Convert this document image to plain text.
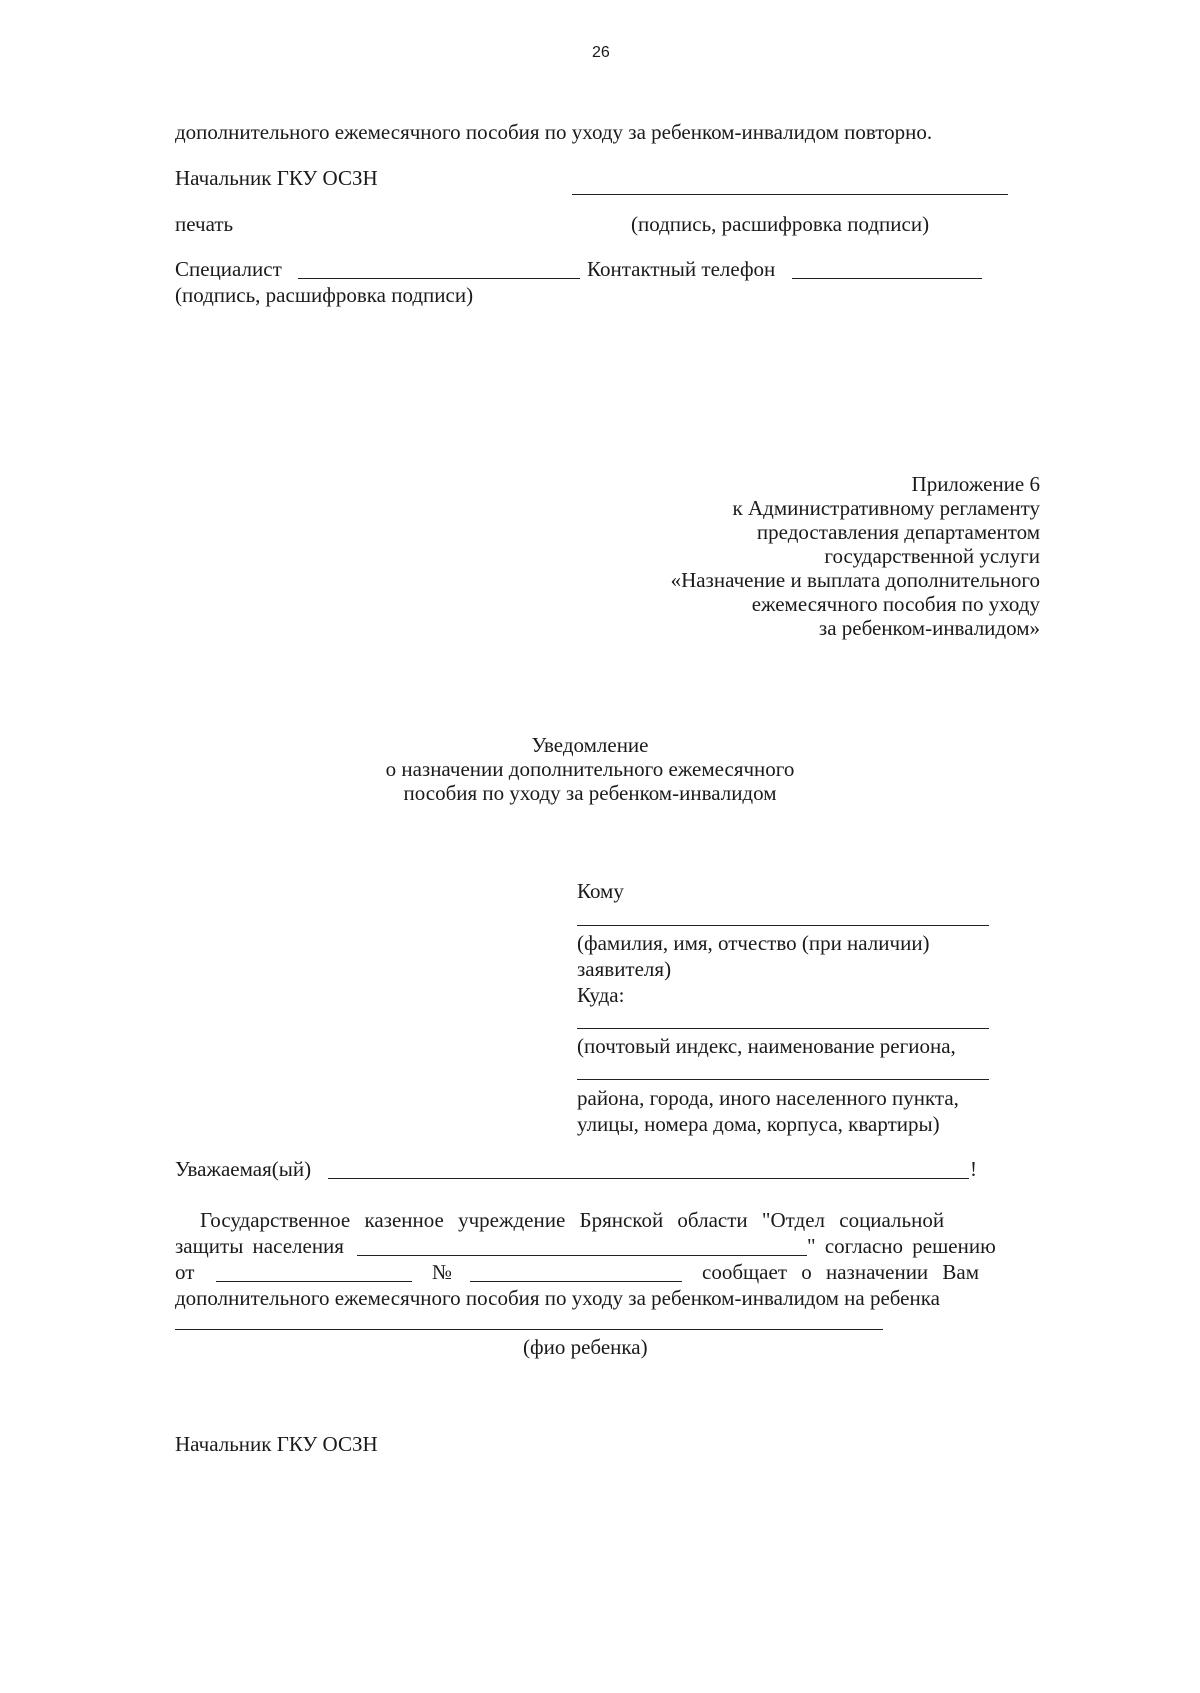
26
дополнительного ежемесячного пособия по уходу за ребенком-инвалидом повторно.
Начальник ГКУ ОСЗН
печать	(подпись, расшифровка подписи)
Специалист	Контактный телефон
(подпись, расшифровка подписи)
Приложение 6
к Административному регламенту
предоставления департаментом
государственной услуги
«Назначение и выплата дополнительного
ежемесячного пособия по уходу
за ребенком-инвалидом»
Уведомление
о назначении дополнительного ежемесячного
пособия по уходу за ребенком-инвалидом
Кому
(фамилия, имя, отчество (при наличии)
заявителя)
Куда:
(почтовый индекс, наименование региона,
района, города, иного населенного пункта,
улицы, номера дома, корпуса, квартиры)
Уважаемая(ый)	!
Государственное казенное учреждение Брянской области "Отдел социальной
защиты населения	" согласно решению
от	№	сообщает о назначении Вам
дополнительного ежемесячного пособия по уходу за ребенком-инвалидом на ребенка
(фио ребенка)
Начальник ГКУ ОСЗН
